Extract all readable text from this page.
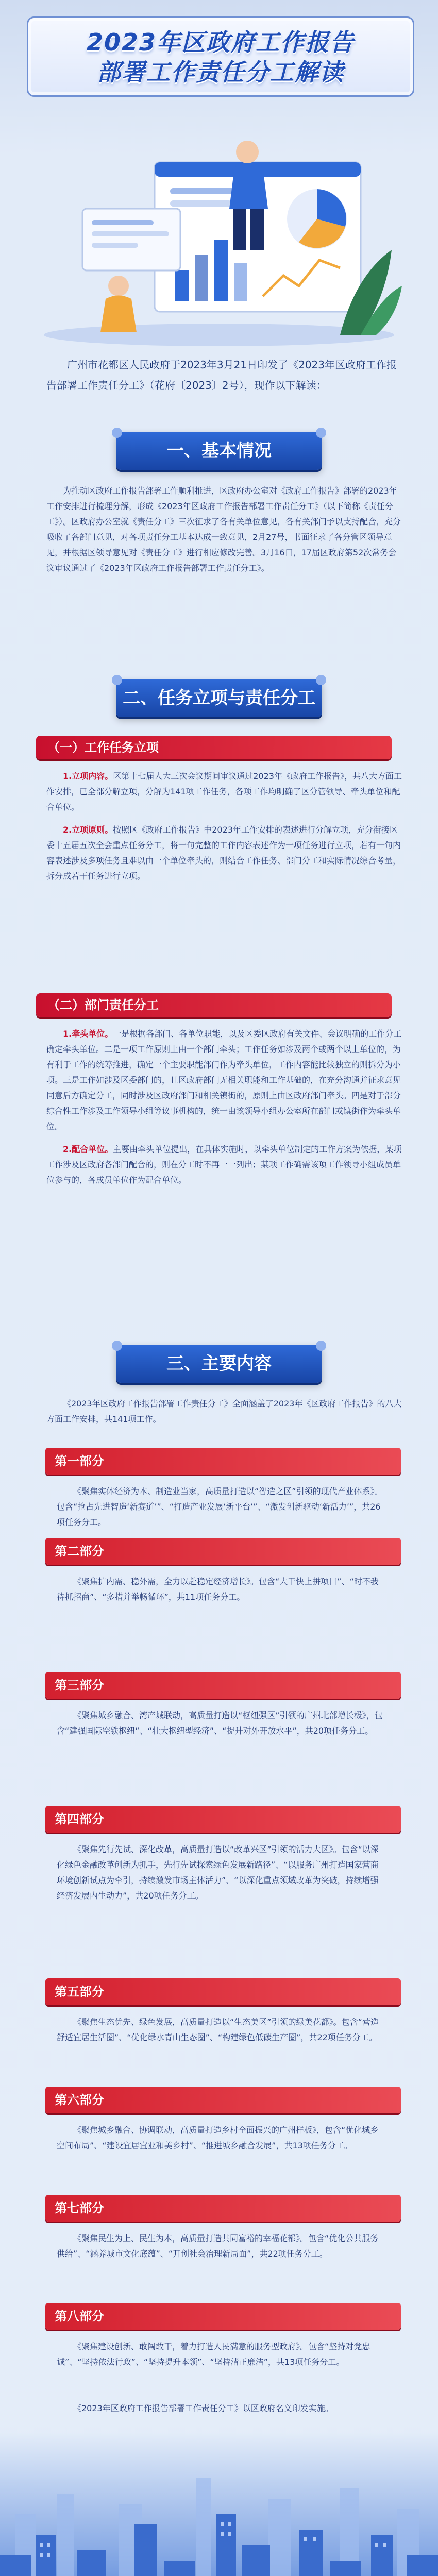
2023年区政府工作报告
部署工作责任分工解读
广州市花都区人民政府于2023年3月21日印发了《2023年区政府工作报告部署工作责任分工》（花府〔2023〕2号），现作以下解读：
一、基本情况

为推动区政府工作报告部署工作顺利推进，区政府办公室对《政府工作报告》部署的2023年工作安排进行梳理分解，形成《2023年区政府工作报告部署工作责任分工》（以下简称《责任分工》）。区政府办公室就《责任分工》三次征求了各有关单位意见，各有关部门予以支持配合，充分吸收了各部门意见，对各项责任分工基本达成一致意见，2月27号，书面征求了各分管区领导意见，并根据区领导意见对《责任分工》进行相应修改完善。3月16日，17届区政府第52次常务会议审议通过了《2023年区政府工作报告部署工作责任分工》。

二、任务立项与责任分工
（一）工作任务立项

1.立项内容。区第十七届人大三次会议期间审议通过2023年《政府工作报告》，共八大方面工作安排，已全部分解立项，分解为141项工作任务，各项工作均明确了区分管领导、牵头单位和配合单位。

2.立项原则。按照区《政府工作报告》中2023年工作安排的表述进行分解立项，充分衔接区委十五届五次全会重点任务分工，将一句完整的工作内容表述作为一项任务进行立项，若有一句内容表述涉及多项任务且难以由一个单位牵头的，则结合工作任务、部门分工和实际情况综合考量，拆分成若干任务进行立项。

（二）部门责任分工

1.牵头单位。一是根据各部门、各单位职能，以及区委区政府有关文件、会议明确的工作分工确定牵头单位。二是一项工作原则上由一个部门牵头；工作任务如涉及两个或两个以上单位的，为有利于工作的统筹推进，确定一个主要职能部门作为牵头单位，工作内容能比较独立的则拆分为小项。三是工作如涉及区委部门的，且区政府部门无相关职能和工作基础的，在充分沟通并征求意见同意后方确定分工，同时涉及区政府部门和相关镇街的，原则上由区政府部门牵头。四是对于部分综合性工作涉及工作领导小组等议事机构的，统一由该领导小组办公室所在部门或镇街作为牵头单位。

2.配合单位。主要由牵头单位提出，在具体实施时，以牵头单位制定的工作方案为依据，某项工作涉及区政府各部门配合的，则在分工时不再一一列出；某项工作确需该项工作领导小组成员单位参与的，各成员单位作为配合单位。

三、主要内容

《2023年区政府工作报告部署工作责任分工》全面涵盖了2023年《区政府工作报告》的八大方面工作安排，共141项工作。

第一部分

《聚焦实体经济为本、制造业当家，高质量打造以“智造之区”引领的现代产业体系》。包含“抢占先进智造‘新赛道’”、“打造产业发展‘新平台’”、“激发创新驱动‘新活力’”，共26项任务分工。

第二部分

《聚焦扩内需、稳外需，全力以赴稳定经济增长》。包含“大干快上拼项目”、“时不我待抓招商”、“多措并举畅循环”，共11项任务分工。

第三部分

《聚焦城乡融合、湾产城联动，高质量打造以“枢纽强区”引领的广州北部增长极》，包含“建强国际空铁枢纽”、“壮大枢纽型经济”、“提升对外开放水平”，共20项任务分工。

第四部分

《聚焦先行先试、深化改革，高质量打造以“改革兴区”引领的活力大区》。包含“以深化绿色金融改革创新为抓手，先行先试探索绿色发展新路径”、“以服务广州打造国家营商环境创新试点为牵引，持续激发市场主体活力”、“以深化重点领域改革为突破，持续增强经济发展内生动力”，共20项任务分工。

第五部分

《聚焦生态优先、绿色发展，高质量打造以“生态美区”引领的绿美花都》。包含“营造舒适宜居生活圈”、“优化绿水青山生态圈”、“构建绿色低碳生产圈”，共22项任务分工。

第六部分

《聚焦城乡融合、协调联动，高质量打造乡村全面振兴的广州样板》，包含“优化城乡空间布局”、“建设宜居宜业和美乡村”、“推进城乡融合发展”，共13项任务分工。

第七部分

《聚焦民生为上、民生为本，高质量打造共同富裕的幸福花都》。包含“优化公共服务供给”、“涵养城市文化底蕴”、“开创社会治理新局面”，共22项任务分工。

第八部分

《聚焦建设创新、敢闯敢干，着力打造人民满意的服务型政府》。包含“坚持对党忠诚”、“坚持依法行政”、“坚持提升本领”、“坚持清正廉洁”，共13项任务分工。

《2023年区政府工作报告部署工作责任分工》以区政府名义印发实施。
